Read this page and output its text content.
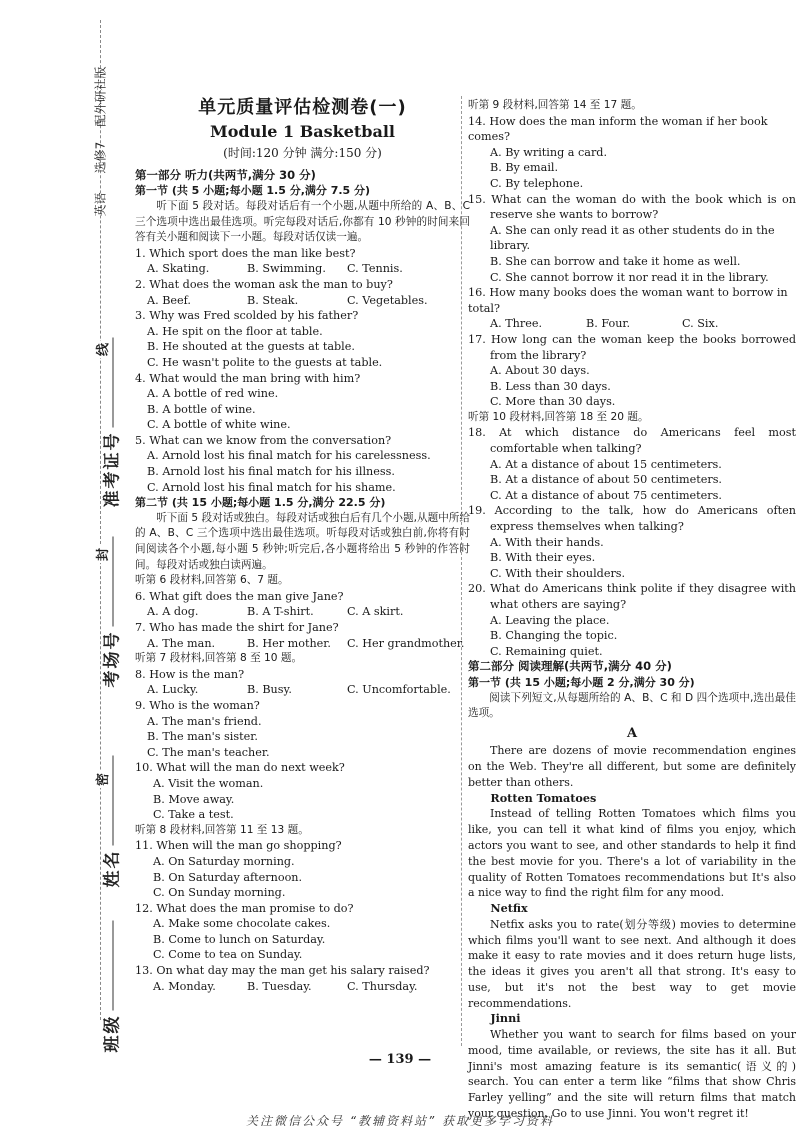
英语     选修7    配外研社版
线
准考证号
封
考场号
密
姓名
班级
单元质量评估检测卷(一)
Module 1 Basketball
(时间:120 分钟 满分:150 分)
第一部分 听力(共两节,满分 30 分)
第一节 (共 5 小题;每小题 1.5 分,满分 7.5 分)
听下面 5 段对话。每段对话后有一个小题,从题中所给的 A、B、C 三个选项中选出最佳选项。听完每段对话后,你都有 10 秒钟的时间来回答有关小题和阅读下一小题。每段对话仅读一遍。
1. Which sport does the man like best?
A. Skating.	B. Swimming.	C. Tennis.
2. What does the woman ask the man to buy?
A. Beef.	B. Steak.	C. Vegetables.
3. Why was Fred scolded by his father?
A. He spit on the floor at table.
B. He shouted at the guests at table.
C. He wasn't polite to the guests at table.
4. What would the man bring with him?
A. A bottle of red wine.
B. A bottle of wine.
C. A bottle of white wine.
5. What can we know from the conversation?
A. Arnold lost his final match for his carelessness.
B. Arnold lost his final match for his illness.
C. Arnold lost his final match for his shame.
第二节 (共 15 小题;每小题 1.5 分,满分 22.5 分)
听下面 5 段对话或独白。每段对话或独白后有几个小题,从题中所给的 A、B、C 三个选项中选出最佳选项。听每段对话或独白前,你将有时间阅读各个小题,每小题 5 秒钟;听完后,各小题将给出 5 秒钟的作答时间。每段对话或独白读两遍。
听第 6 段材料,回答第 6、7 题。
6. What gift does the man give Jane?
A. A dog.	B. A T-shirt.	C. A skirt.
7. Who has made the shirt for Jane?
A. The man.	B. Her mother.	C. Her grandmother.
听第 7 段材料,回答第 8 至 10 题。
8. How is the man?
A. Lucky.	B. Busy.	C. Uncomfortable.
9. Who is the woman?
A. The man's friend.
B. The man's sister.
C. The man's teacher.
10. What will the man do next week?
A. Visit the woman.
B. Move away.
C. Take a test.
听第 8 段材料,回答第 11 至 13 题。
11. When will the man go shopping?
A. On Saturday morning.
B. On Saturday afternoon.
C. On Sunday morning.
12. What does the man promise to do?
A. Make some chocolate cakes.
B. Come to lunch on Saturday.
C. Come to tea on Sunday.
13. On what day may the man get his salary raised?
A. Monday.	B. Tuesday.	C. Thursday.
听第 9 段材料,回答第 14 至 17 题。
14. How does the man inform the woman if her book comes?
A. By writing a card.
B. By email.
C. By telephone.
15. What can the woman do with the book which is on reserve she wants to borrow?
A. She can only read it as other students do in the library.
B. She can borrow and take it home as well.
C. She cannot borrow it nor read it in the library.
16. How many books does the woman want to borrow in total?
A. Three.	B. Four.	C. Six.
17. How long can the woman keep the books borrowed from the library?
A. About 30 days.
B. Less than 30 days.
C. More than 30 days.
听第 10 段材料,回答第 18 至 20 题。
18. At which distance do Americans feel most comfortable when talking?
A. At a distance of about 15 centimeters.
B. At a distance of about 50 centimeters.
C. At a distance of about 75 centimeters.
19. According to the talk, how do Americans often express themselves when talking?
A. With their hands.
B. With their eyes.
C. With their shoulders.
20. What do Americans think polite if they disagree with what others are saying?
A. Leaving the place.
B. Changing the topic.
C. Remaining quiet.
第二部分 阅读理解(共两节,满分 40 分)
第一节 (共 15 小题;每小题 2 分,满分 30 分)
阅读下列短文,从每题所给的 A、B、C 和 D 四个选项中,选出最佳选项。
A
There are dozens of movie recommendation engines on the Web. They're all different, but some are definitely better than others.
Rotten Tomatoes
Instead of telling Rotten Tomatoes which films you like, you can tell it what kind of films you enjoy, which actors you want to see, and other standards to help it find the best movie for you. There's a lot of variability in the quality of Rotten Tomatoes recommendations but It's also a nice way to find the right film for any mood.
Netfix
Netfix asks you to rate(划分等级) movies to determine which films you'll want to see next. And although it does make it easy to rate movies and it does return huge lists, the ideas it gives you aren't all that strong. It's easy to use, but it's not the best way to get movie recommendations.
Jinni
Whether you want to search for films based on your mood, time available, or reviews, the site has it all. But Jinni's most amazing feature is its semantic(语义的) search. You can enter a term like “films that show Chris Farley yelling” and the site will return films that match your question. Go to use Jinni. You won't regret it!
— 139 —
关注微信公众号 “教辅资料站” 获取更多学习资料
